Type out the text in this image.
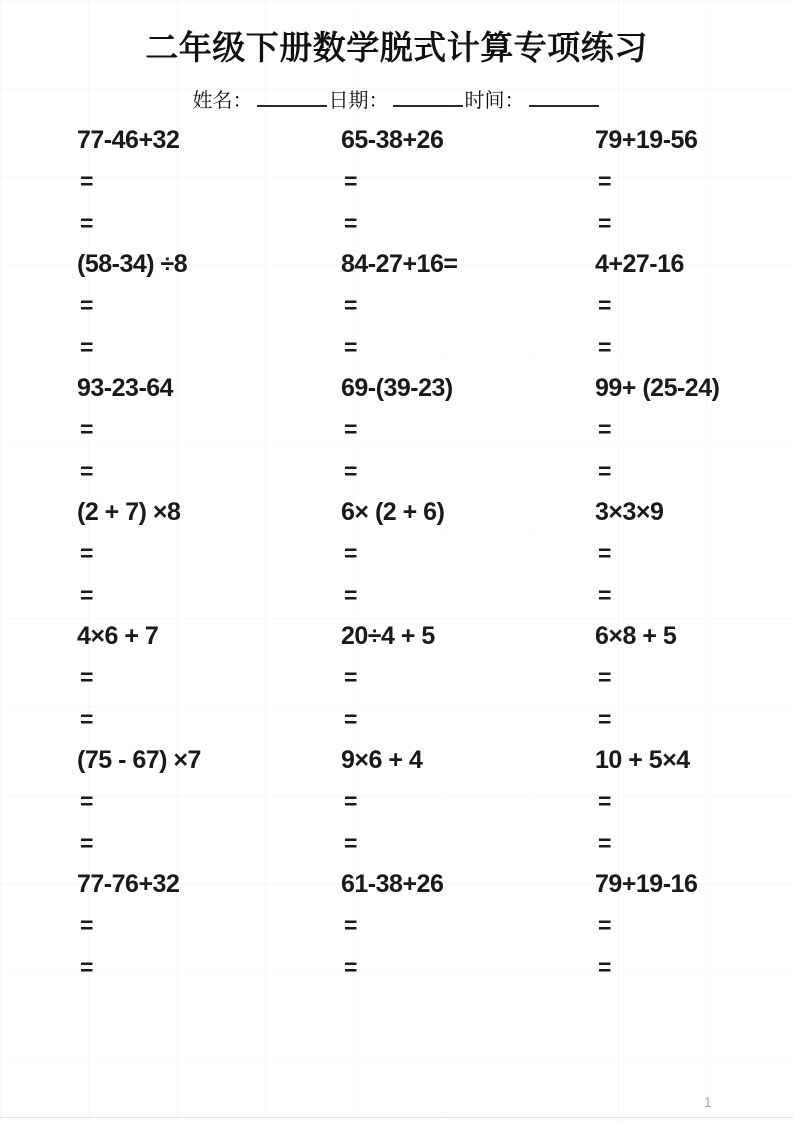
二年级下册数学脱式计算专项练习
姓名：	日期：	时间：
77-46+32
=
=
65-38+26
=
=
79+19-56
=
=
(58-34) ÷8
=
=
84-27+16=
=
=
4+27-16
=
=
93-23-64
=
=
69-(39-23)
=
=
99+ (25-24)
=
=
(2 + 7) ×8
=
=
6× (2 + 6)
=
=
3×3×9
=
=
4×6 + 7
=
=
20÷4 + 5
=
=
6×8 + 5
=
=
(75 - 67) ×7
=
=
9×6 + 4
=
=
10 + 5×4
=
=
77-76+32
=
=
61-38+26
=
=
79+19-16
=
=
1
